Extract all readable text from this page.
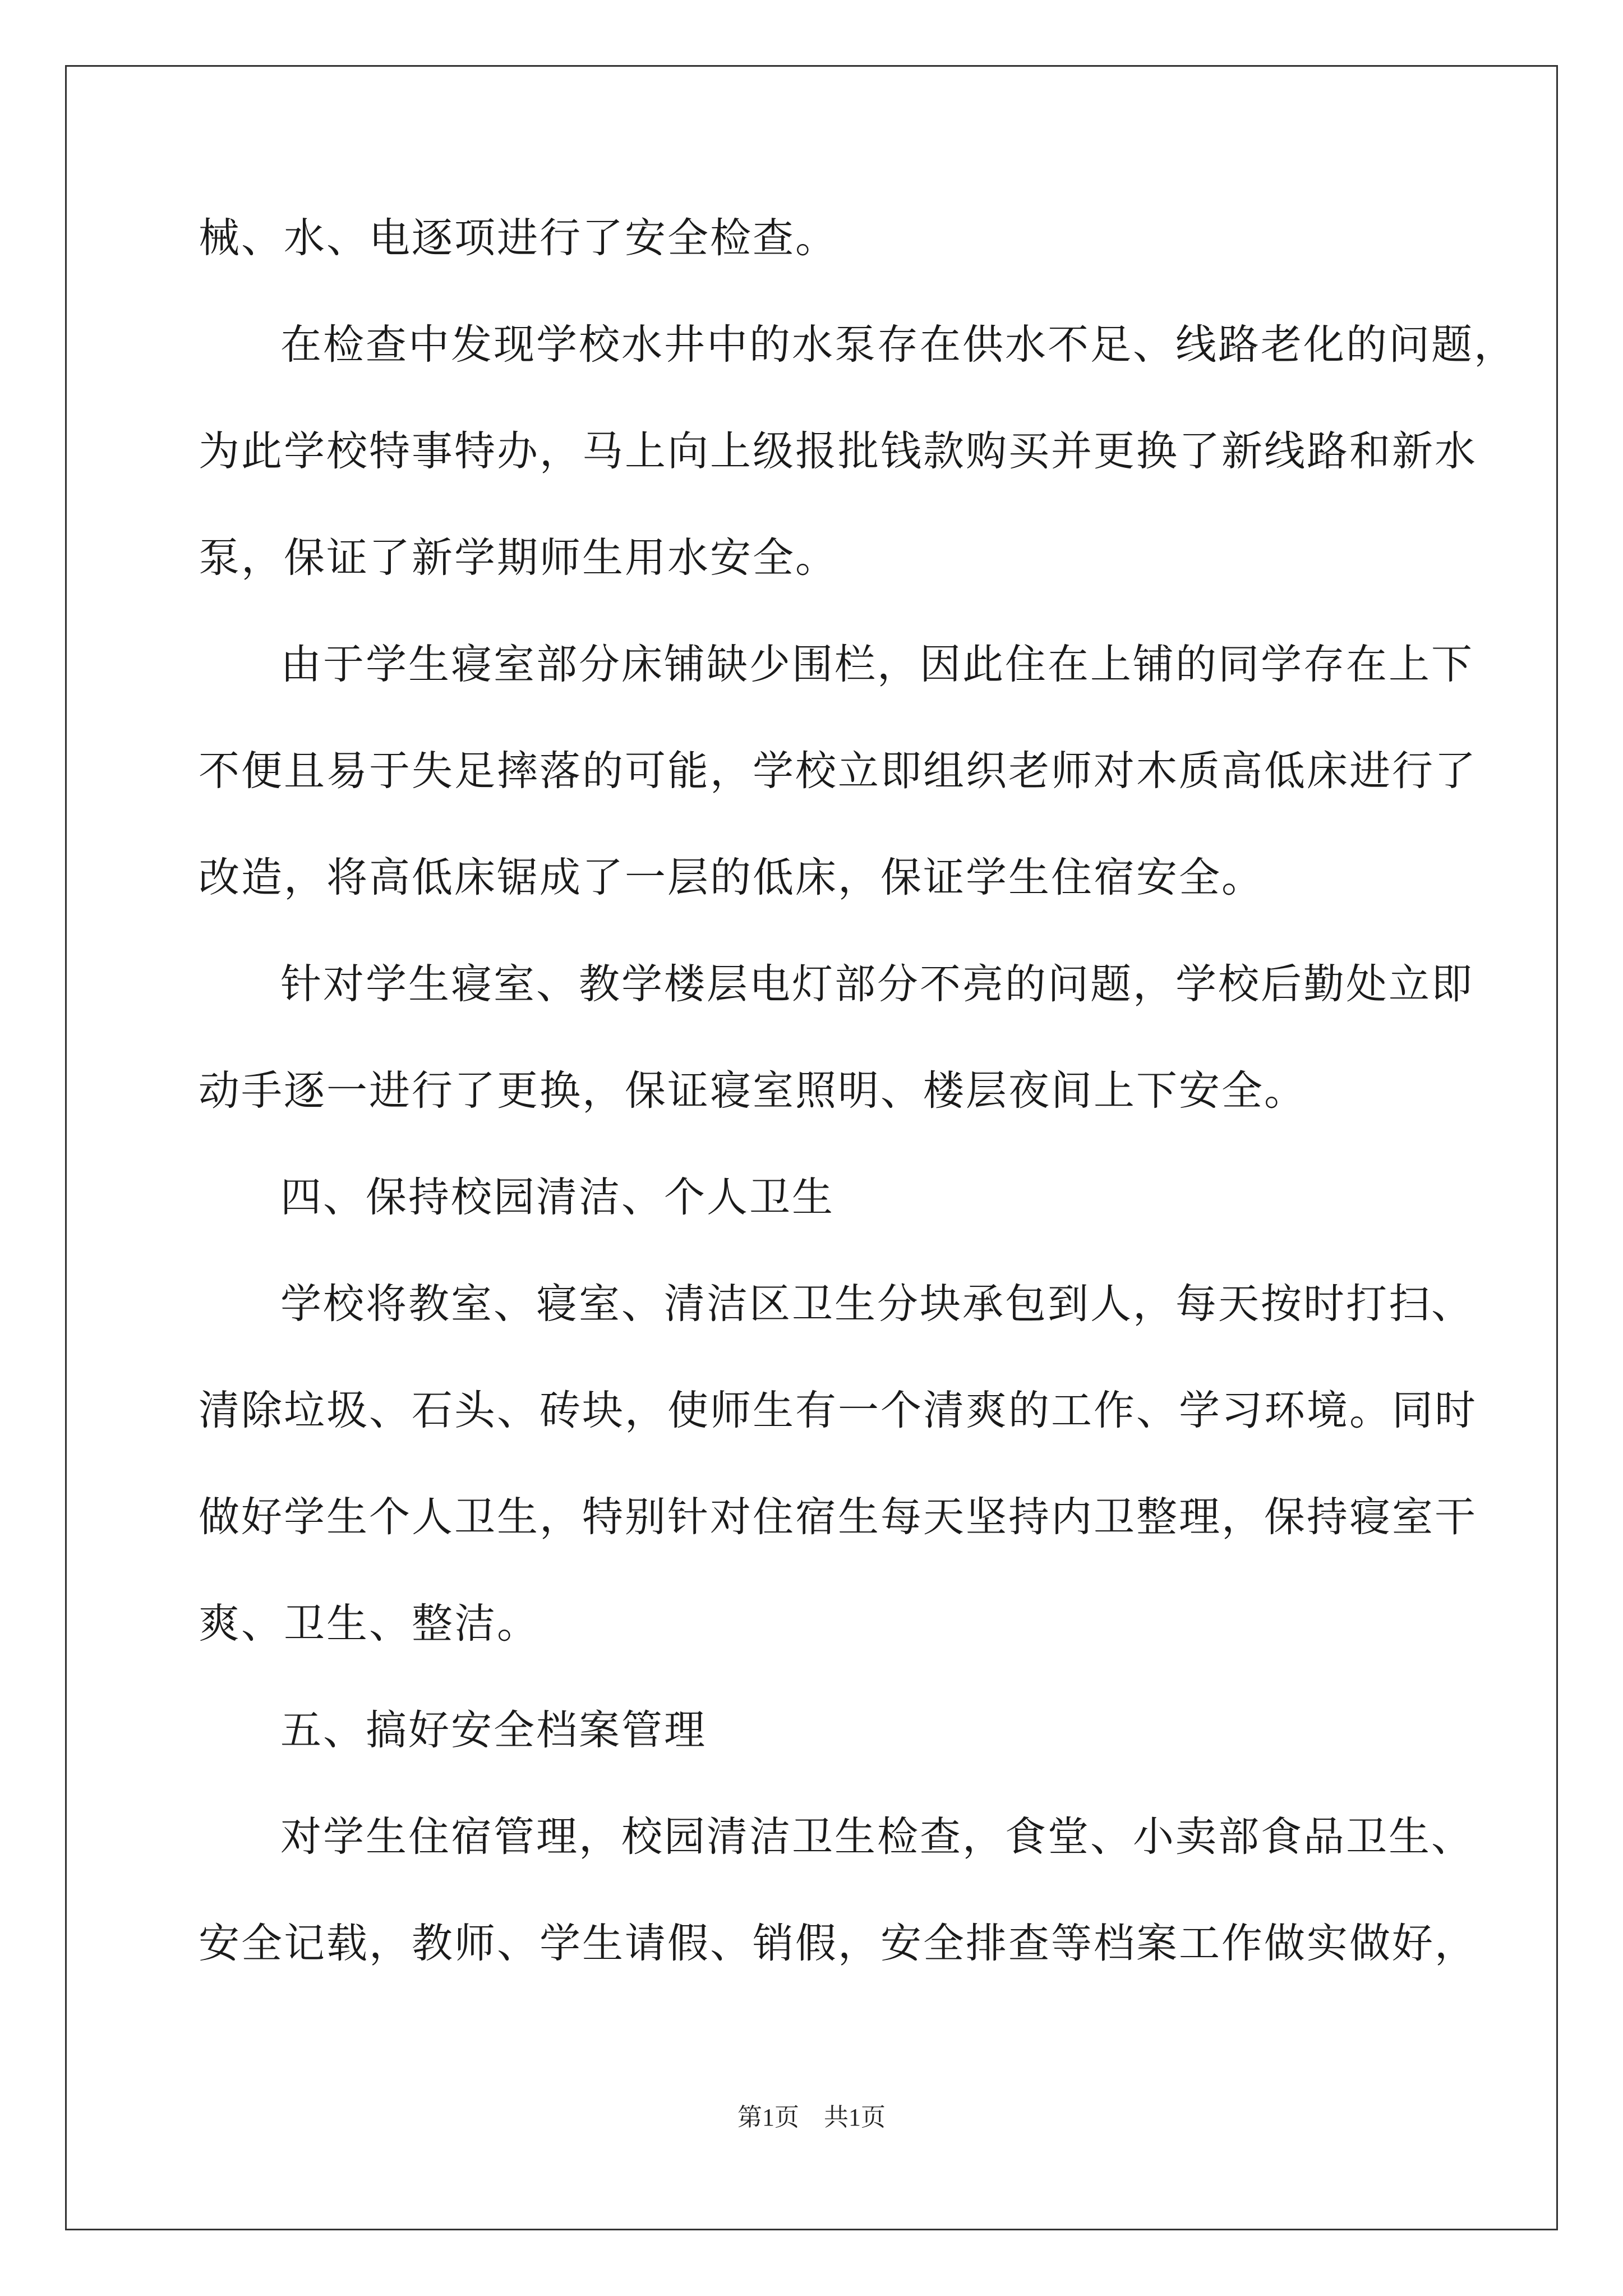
械、水、电逐项进行了安全检查。
在检查中发现学校水井中的水泵存在供水不足、线路老化的问题，
为此学校特事特办，马上向上级报批钱款购买并更换了新线路和新水
泵，保证了新学期师生用水安全。
由于学生寝室部分床铺缺少围栏，因此住在上铺的同学存在上下
不便且易于失足摔落的可能，学校立即组织老师对木质高低床进行了
改造，将高低床锯成了一层的低床，保证学生住宿安全。
针对学生寝室、教学楼层电灯部分不亮的问题，学校后勤处立即
动手逐一进行了更换，保证寝室照明、楼层夜间上下安全。
四、保持校园清洁、个人卫生
学校将教室、寝室、清洁区卫生分块承包到人，每天按时打扫、
清除垃圾、石头、砖块，使师生有一个清爽的工作、学习环境。同时
做好学生个人卫生，特别针对住宿生每天坚持内卫整理，保持寝室干
爽、卫生、整洁。
五、搞好安全档案管理
对学生住宿管理，校园清洁卫生检查，食堂、小卖部食品卫生、
安全记载，教师、学生请假、销假，安全排查等档案工作做实做好，
第1页　共1页
